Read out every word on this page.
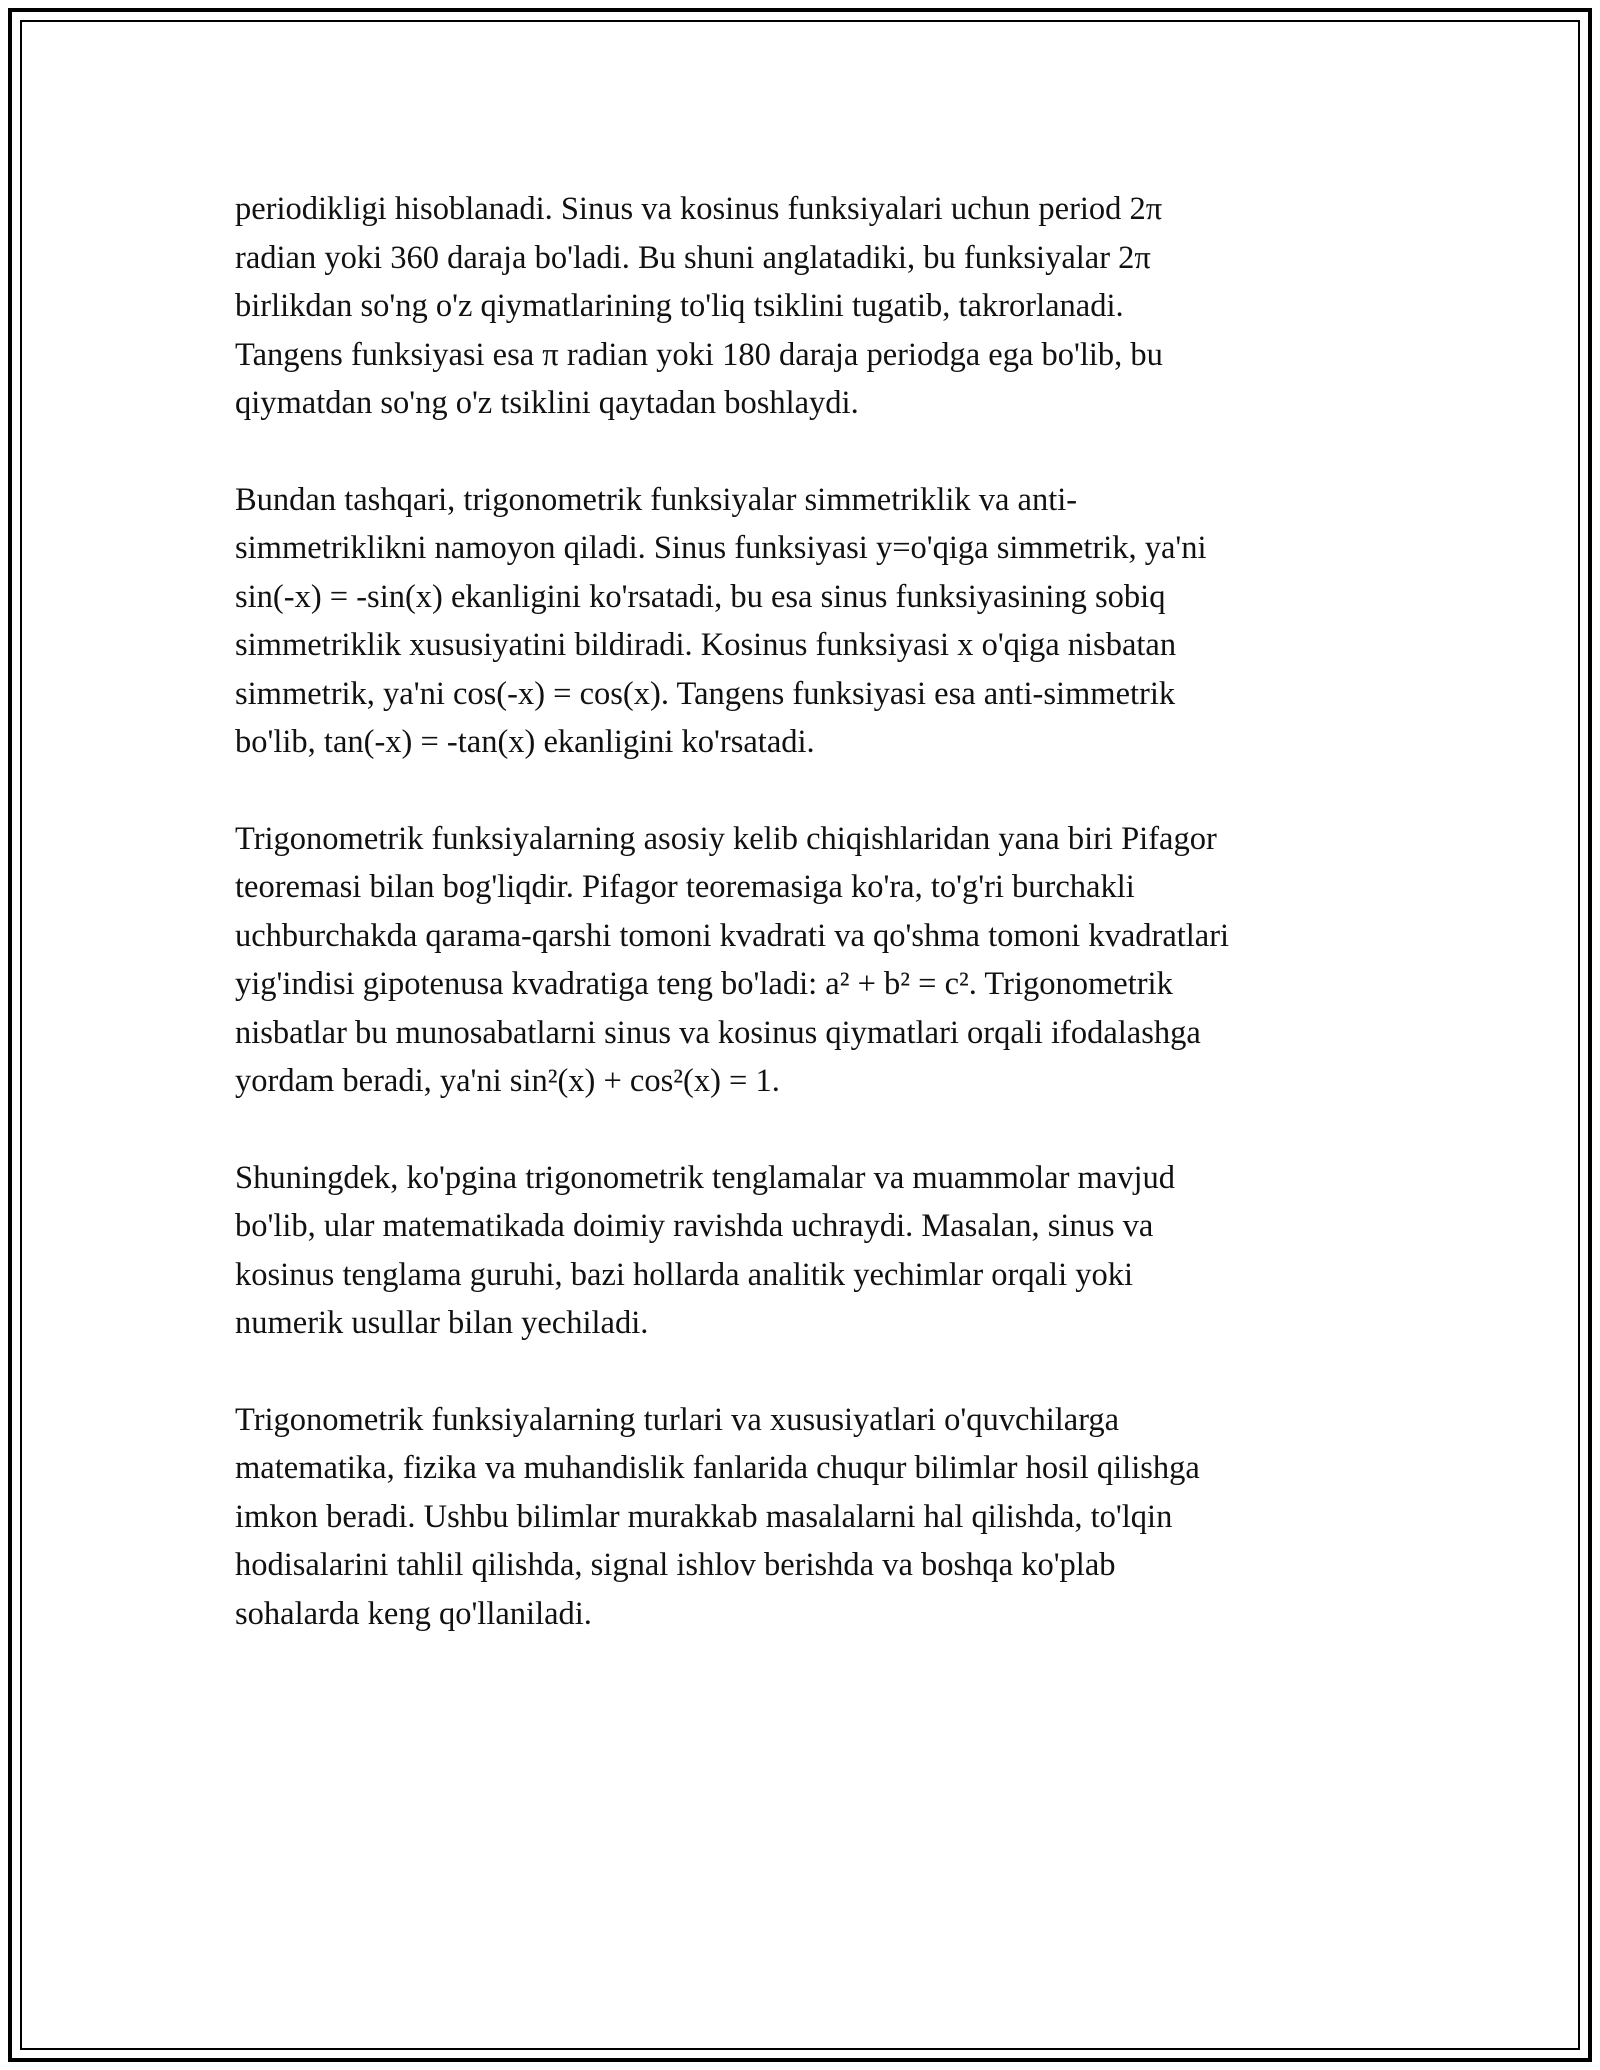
periodikligi hisoblanadi. Sinus va kosinus funksiyalari uchun period 2π
radian yoki 360 daraja bo'ladi. Bu shuni anglatadiki, bu funksiyalar 2π
birlikdan so'ng o'z qiymatlarining to'liq tsiklini tugatib, takrorlanadi.
Tangens funksiyasi esa π radian yoki 180 daraja periodga ega bo'lib, bu
qiymatdan so'ng o'z tsiklini qaytadan boshlaydi.

Bundan tashqari, trigonometrik funksiyalar simmetriklik va anti-
simmetriklikni namoyon qiladi. Sinus funksiyasi y=o'qiga simmetrik, ya'ni
sin(-x) = -sin(x) ekanligini ko'rsatadi, bu esa sinus funksiyasining sobiq
simmetriklik xususiyatini bildiradi. Kosinus funksiyasi x o'qiga nisbatan
simmetrik, ya'ni cos(-x) = cos(x). Tangens funksiyasi esa anti-simmetrik
bo'lib, tan(-x) = -tan(x) ekanligini ko'rsatadi.

Trigonometrik funksiyalarning asosiy kelib chiqishlaridan yana biri Pifagor
teoremasi bilan bog'liqdir. Pifagor teoremasiga ko'ra, to'g'ri burchakli
uchburchakda qarama-qarshi tomoni kvadrati va qo'shma tomoni kvadratlari
yig'indisi gipotenusa kvadratiga teng bo'ladi: a² + b² = c². Trigonometrik
nisbatlar bu munosabatlarni sinus va kosinus qiymatlari orqali ifodalashga
yordam beradi, ya'ni sin²(x) + cos²(x) = 1.

Shuningdek, ko'pgina trigonometrik tenglamalar va muammolar mavjud
bo'lib, ular matematikada doimiy ravishda uchraydi. Masalan, sinus va
kosinus tenglama guruhi, bazi hollarda analitik yechimlar orqali yoki
numerik usullar bilan yechiladi.

Trigonometrik funksiyalarning turlari va xususiyatlari o'quvchilarga
matematika, fizika va muhandislik fanlarida chuqur bilimlar hosil qilishga
imkon beradi. Ushbu bilimlar murakkab masalalarni hal qilishda, to'lqin
hodisalarini tahlil qilishda, signal ishlov berishda va boshqa ko'plab
sohalarda keng qo'llaniladi.
